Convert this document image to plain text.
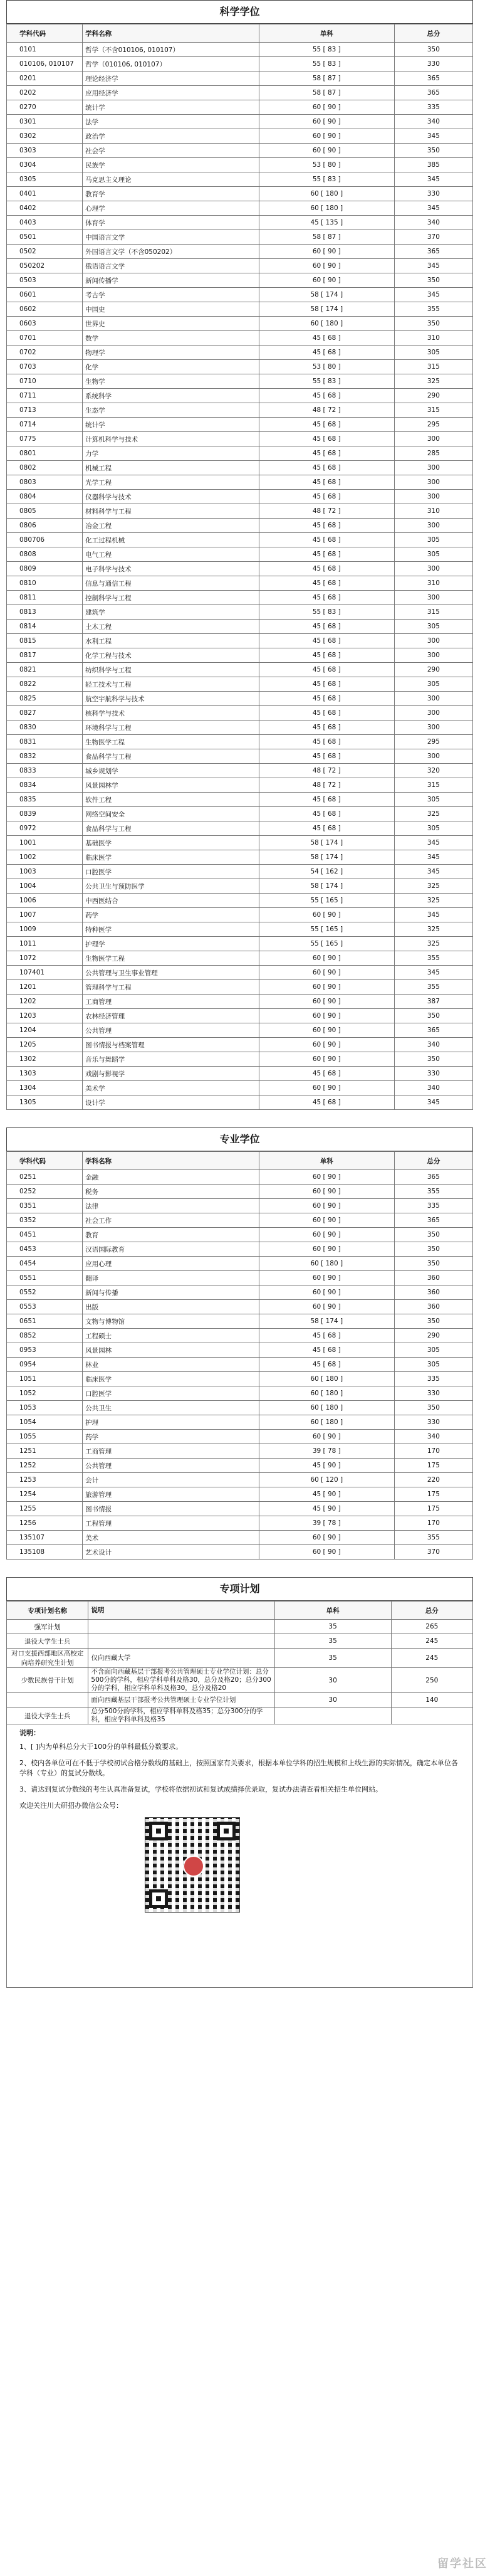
科学学位
学科代码	学科名称	单科	总分
0101	哲学（不含010106, 010107）	55 [ 83 ]	350
010106, 010107	哲学（010106, 010107）	55 [ 83 ]	330
0201	理论经济学	58 [ 87 ]	365
0202	应用经济学	58 [ 87 ]	365
0270	统计学	60 [ 90 ]	335
0301	法学	60 [ 90 ]	340
0302	政治学	60 [ 90 ]	345
0303	社会学	60 [ 90 ]	350
0304	民族学	53 [ 80 ]	385
0305	马克思主义理论	55 [ 83 ]	345
0401	教育学	60 [ 180 ]	330
0402	心理学	60 [ 180 ]	345
0403	体育学	45 [ 135 ]	340
0501	中国语言文学	58 [ 87 ]	370
0502	外国语言文学（不含050202）	60 [ 90 ]	365
050202	俄语语言文学	60 [ 90 ]	345
0503	新闻传播学	60 [ 90 ]	350
0601	考古学	58 [ 174 ]	345
0602	中国史	58 [ 174 ]	355
0603	世界史	60 [ 180 ]	350
0701	数学	45 [ 68 ]	310
0702	物理学	45 [ 68 ]	305
0703	化学	53 [ 80 ]	315
0710	生物学	55 [ 83 ]	325
0711	系统科学	45 [ 68 ]	290
0713	生态学	48 [ 72 ]	315
0714	统计学	45 [ 68 ]	295
0775	计算机科学与技术	45 [ 68 ]	300
0801	力学	45 [ 68 ]	285
0802	机械工程	45 [ 68 ]	300
0803	光学工程	45 [ 68 ]	300
0804	仪器科学与技术	45 [ 68 ]	300
0805	材料科学与工程	48 [ 72 ]	310
0806	冶金工程	45 [ 68 ]	300
080706	化工过程机械	45 [ 68 ]	305
0808	电气工程	45 [ 68 ]	305
0809	电子科学与技术	45 [ 68 ]	300
0810	信息与通信工程	45 [ 68 ]	310
0811	控制科学与工程	45 [ 68 ]	300
0813	建筑学	55 [ 83 ]	315
0814	土木工程	45 [ 68 ]	305
0815	水利工程	45 [ 68 ]	300
0817	化学工程与技术	45 [ 68 ]	300
0821	纺织科学与工程	45 [ 68 ]	290
0822	轻工技术与工程	45 [ 68 ]	305
0825	航空宇航科学与技术	45 [ 68 ]	300
0827	核科学与技术	45 [ 68 ]	300
0830	环境科学与工程	45 [ 68 ]	300
0831	生物医学工程	45 [ 68 ]	295
0832	食品科学与工程	45 [ 68 ]	300
0833	城乡规划学	48 [ 72 ]	320
0834	风景园林学	48 [ 72 ]	315
0835	软件工程	45 [ 68 ]	305
0839	网络空间安全	45 [ 68 ]	325
0972	食品科学与工程	45 [ 68 ]	305
1001	基础医学	58 [ 174 ]	345
1002	临床医学	58 [ 174 ]	345
1003	口腔医学	54 [ 162 ]	345
1004	公共卫生与预防医学	58 [ 174 ]	325
1006	中西医结合	55 [ 165 ]	325
1007	药学	60 [ 90 ]	345
1009	特种医学	55 [ 165 ]	325
1011	护理学	55 [ 165 ]	325
1072	生物医学工程	60 [ 90 ]	355
107401	公共管理与卫生事业管理	60 [ 90 ]	345
1201	管理科学与工程	60 [ 90 ]	355
1202	工商管理	60 [ 90 ]	387
1203	农林经济管理	60 [ 90 ]	350
1204	公共管理	60 [ 90 ]	365
1205	图书情报与档案管理	60 [ 90 ]	340
1302	音乐与舞蹈学	60 [ 90 ]	350
1303	戏剧与影视学	45 [ 68 ]	330
1304	美术学	60 [ 90 ]	340
1305	设计学	45 [ 68 ]	345
专业学位
学科代码	学科名称	单科	总分
0251	金融	60 [ 90 ]	365
0252	税务	60 [ 90 ]	355
0351	法律	60 [ 90 ]	335
0352	社会工作	60 [ 90 ]	365
0451	教育	60 [ 90 ]	350
0453	汉语国际教育	60 [ 90 ]	350
0454	应用心理	60 [ 180 ]	350
0551	翻译	60 [ 90 ]	360
0552	新闻与传播	60 [ 90 ]	360
0553	出版	60 [ 90 ]	360
0651	文物与博物馆	58 [ 174 ]	350
0852	工程硕士	45 [ 68 ]	290
0953	风景园林	45 [ 68 ]	305
0954	林业	45 [ 68 ]	305
1051	临床医学	60 [ 180 ]	335
1052	口腔医学	60 [ 180 ]	330
1053	公共卫生	60 [ 180 ]	350
1054	护理	60 [ 180 ]	330
1055	药学	60 [ 90 ]	340
1251	工商管理	39 [ 78 ]	170
1252	公共管理	45 [ 90 ]	175
1253	会计	60 [ 120 ]	220
1254	旅游管理	45 [ 90 ]	175
1255	图书情报	45 [ 90 ]	175
1256	工程管理	39 [ 78 ]	170
135107	美术	60 [ 90 ]	355
135108	艺术设计	60 [ 90 ]	370
专项计划
专项计划名称	说明	单科	总分
强军计划		35	265
退役大学生士兵		35	245
对口支援西部地区高校定向培养研究生计划	仅向西藏大学	35	245
少数民族骨干计划	不含面向西藏基层干部报考公共管理硕士专业学位计划：总分500分的学科，相应学科单科及格30，总分及格20；总分300分的学科，相应学科单科及格30，总分及格20	30	250
	面向西藏基层干部报考公共管理硕士专业学位计划	30	140
退役大学生士兵	总分500分的学科，相应学科单科及格35；总分300分的学科，相应学科单科及格35		

说明：

1、[ ]内为单科总分大于100分的单科最低分数要求。

2、校内各单位可在不低于学校初试合格分数线的基础上，按照国家有关要求，根据本单位学科的招生规模和上线生源的实际情况，确定本单位各学科（专业）的复试分数线。

3、请达到复试分数线的考生认真准备复试，学校将依据初试和复试成绩择优录取，复试办法请查看相关招生单位网站。

欢迎关注川大研招办微信公众号：

留学社区
